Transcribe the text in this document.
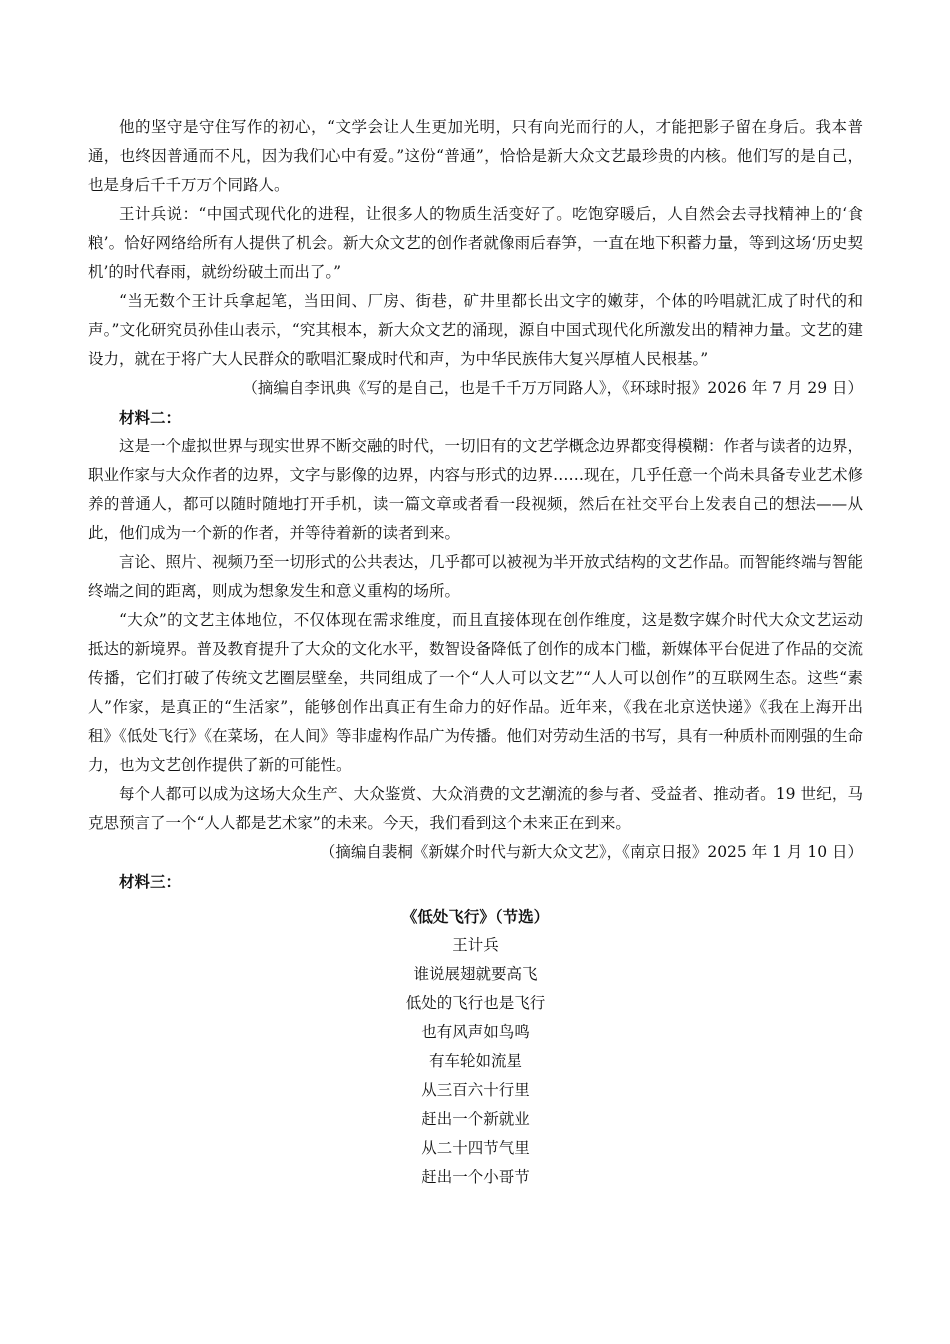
他的坚守是守住写作的初心，“文学会让人生更加光明，只有向光而行的人，才能把影子留在身后。我本普通，也终因普通而不凡，因为我们心中有爱。”这份“普通”，恰恰是新大众文艺最珍贵的内核。他们写的是自己，也是身后千千万万个同路人。

王计兵说：“中国式现代化的进程，让很多人的物质生活变好了。吃饱穿暖后，人自然会去寻找精神上的‘食粮’。恰好网络给所有人提供了机会。新大众文艺的创作者就像雨后春笋，一直在地下积蓄力量，等到这场‘历史契机’的时代春雨，就纷纷破土而出了。”

“当无数个王计兵拿起笔，当田间、厂房、街巷，矿井里都长出文字的嫩芽，个体的吟唱就汇成了时代的和声。”文化研究员孙佳山表示，“究其根本，新大众文艺的涌现，源自中国式现代化所激发出的精神力量。文艺的建设力，就在于将广大人民群众的歌唱汇聚成时代和声，为中华民族伟大复兴厚植人民根基。”

（摘编自李讯典《写的是自己，也是千千万万同路人》，《环球时报》2026 年 7 月 29 日）
材料二：

这是一个虚拟世界与现实世界不断交融的时代，一切旧有的文艺学概念边界都变得模糊：作者与读者的边界，职业作家与大众作者的边界，文字与影像的边界，内容与形式的边界……现在，几乎任意一个尚未具备专业艺术修养的普通人，都可以随时随地打开手机，读一篇文章或者看一段视频，然后在社交平台上发表自己的想法——从此，他们成为一个新的作者，并等待着新的读者到来。

言论、照片、视频乃至一切形式的公共表达，几乎都可以被视为半开放式结构的文艺作品。而智能终端与智能终端之间的距离，则成为想象发生和意义重构的场所。

“大众”的文艺主体地位，不仅体现在需求维度，而且直接体现在创作维度，这是数字媒介时代大众文艺运动抵达的新境界。普及教育提升了大众的文化水平，数智设备降低了创作的成本门槛，新媒体平台促进了作品的交流传播，它们打破了传统文艺圈层壁垒，共同组成了一个“人人可以文艺”“人人可以创作”的互联网生态。这些“素人”作家，是真正的“生活家”，能够创作出真正有生命力的好作品。近年来，《我在北京送快递》《我在上海开出租》《低处飞行》《在菜场，在人间》等非虚构作品广为传播。他们对劳动生活的书写，具有一种质朴而刚强的生命力，也为文艺创作提供了新的可能性。

每个人都可以成为这场大众生产、大众鉴赏、大众消费的文艺潮流的参与者、受益者、推动者。19 世纪，马克思预言了一个“人人都是艺术家”的未来。今天，我们看到这个未来正在到来。

（摘编自裴桐《新媒介时代与新大众文艺》，《南京日报》2025 年 1 月 10 日）
材料三：
《低处飞行》（节选）
王计兵
谁说展翅就要高飞
低处的飞行也是飞行
也有风声如鸟鸣
有车轮如流星
从三百六十行里
赶出一个新就业
从二十四节气里
赶出一个小哥节
